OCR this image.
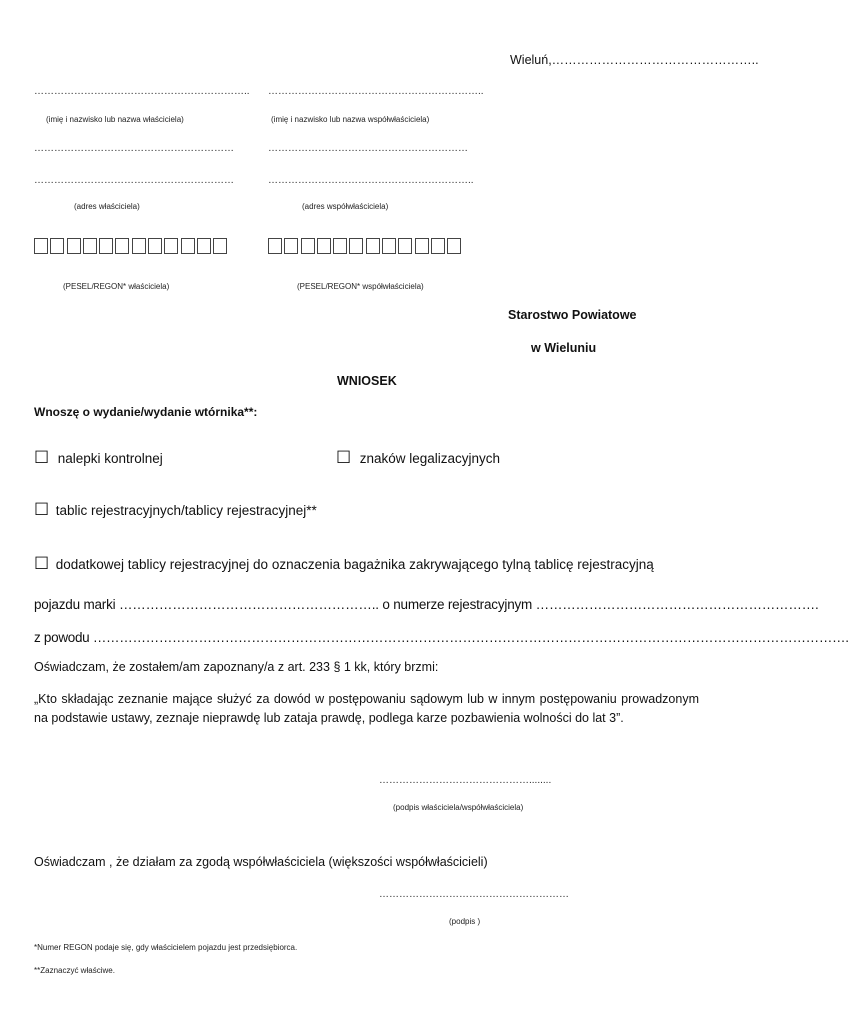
Wieluń,…………………………………………..
……………………………………………………….. ………………………………………………………..
(imię i nazwisko lub nazwa właściciela)	(imię i nazwisko lub nazwa współwłaściciela)
……………………………………………………	……………………………………………………
……………………………………………………	……………………………………………………..
(adres właściciela)	(adres współwłaściciela)
(PESEL/REGON* właściciela)	(PESEL/REGON* współwłaściciela)
Starostwo Powiatowe
w Wieluniu
WNIOSEK
Wnoszę o wydanie/wydanie wtórnika**:
☐ nalepki kontrolnej	☐ znaków legalizacyjnych
☐ tablic rejestracyjnych/tablicy rejestracyjnej**
☐ dodatkowej tablicy rejestracyjnej do oznaczenia bagażnika zakrywającego tylną tablicę rejestracyjną
pojazdu marki ………………………………………………….. o numerze rejestracyjnym ……………………………………………………….
z powodu ……………………………………………………………………………………………………………………………………………………….
Oświadczam, że zostałem/am zapoznany/a z art. 233 § 1 kk, który brzmi:
„Kto składając zeznanie mające służyć za dowód w postępowaniu sądowym lub w innym postępowaniu prowadzonym na podstawie ustawy, zeznaje nieprawdę lub zataja prawdę, podlega karze pozbawienia wolności do lat 3”.
………………………………………........
(podpis właściciela/współwłaściciela)
Oświadczam , że działam za zgodą współwłaściciela (większości współwłaścicieli)
…………………………………………………
(podpis )
*Numer REGON podaje się, gdy właścicielem pojazdu jest przedsiębiorca.
**Zaznaczyć właściwe.
